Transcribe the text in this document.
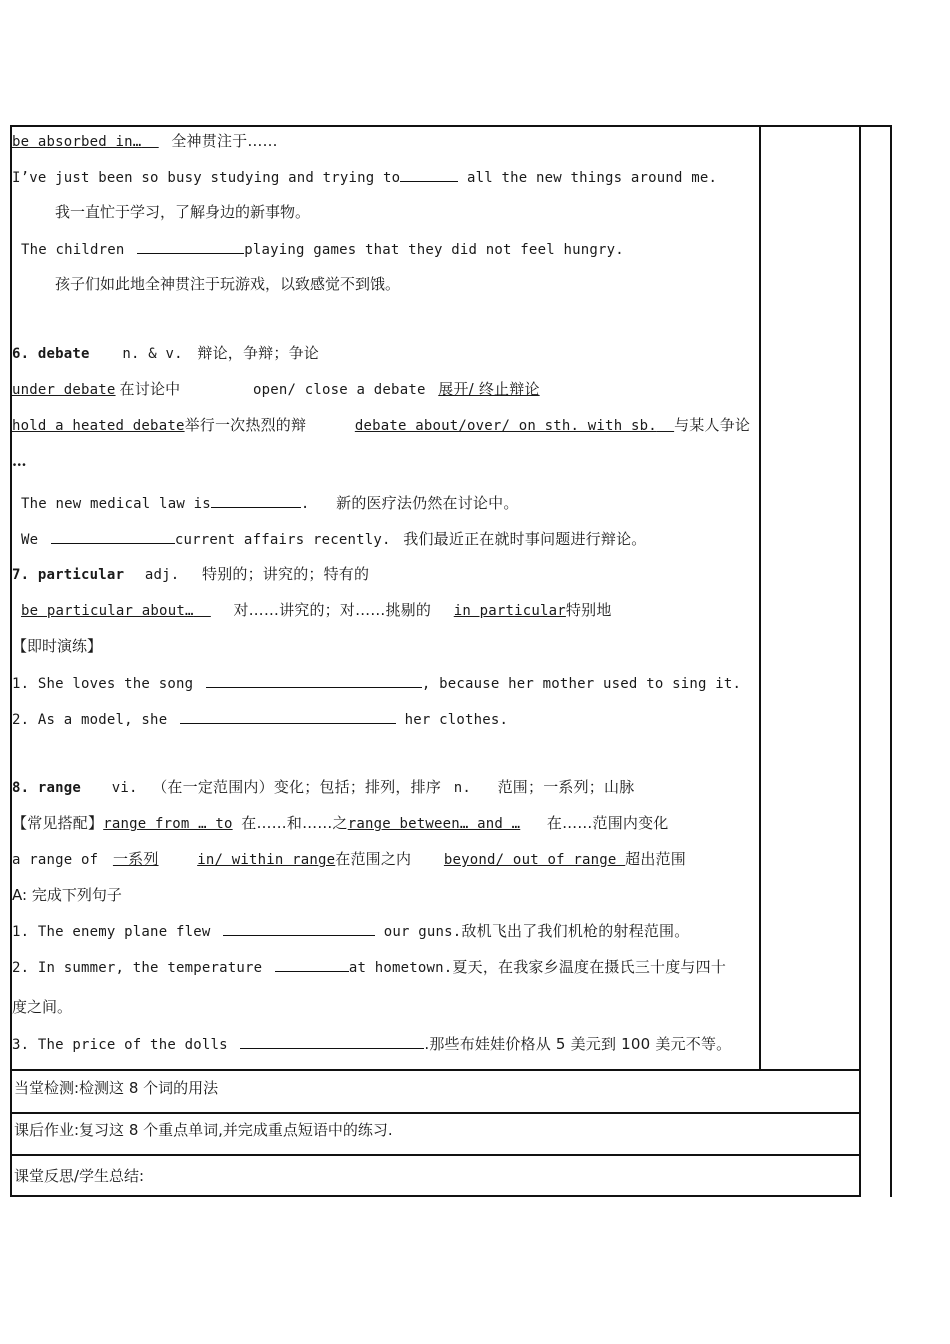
be absorbed in… 全神贯注于……
I’ve just been so busy studying and trying to	all the new things around me.
我一直忙于学习，了解身边的新事物。
The children	playing games that they did not feel hungry.
孩子们如此地全神贯注于玩游戏，以致感觉不到饿。
6. debate n. & v. 辩论，争辩；争论
under debate 在讨论中	open/ close a debate 展开/ 终止辩论
hold a heated debate举行一次热烈的辩	debate about/over/ on sth. with sb. 与某人争论
…
The new medical law is	. 新的医疗法仍然在讨论中。
We	current affairs recently. 我们最近正在就时事问题进行辩论。
7. particular adj. 特别的；讲究的；特有的
be particular about…	对……讲究的；对……挑剔的 in particular特别地
【即时演练】
1. She loves the song	, because her mother used to sing it.
2. As a model, she	her clothes.
8. range vi. （在一定范围内）变化；包括；排列，排序 n. 范围；一系列；山脉
【常见搭配】range from … to 在……和……之range between… and … 在……范围内变化
a range of 一系列	in/ within range在范围之内 beyond/ out of range 超出范围
A: 完成下列句子
1. The enemy plane flew	our guns.敌机飞出了我们机枪的射程范围。
2. In summer, the temperature	at hometown.夏天，在我家乡温度在摄氏三十度与四十
度之间。
3. The price of the dolls	.那些布娃娃价格从 5 美元到 100 美元不等。
当堂检测:检测这 8 个词的用法
课后作业:复习这 8 个重点单词,并完成重点短语中的练习.
课堂反思/学生总结:
